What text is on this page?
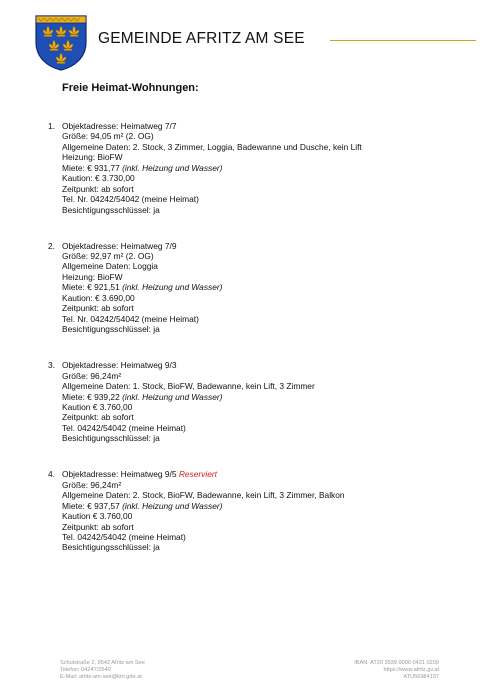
GEMEINDE AFRITZ AM SEE
Freie Heimat-Wohnungen:
1. Objektadresse: Heimatweg 7/7
Größe: 94,05 m² (2. OG)
Allgemeine Daten: 2. Stock, 3 Zimmer, Loggia, Badewanne und Dusche, kein Lift
Heizung: BioFW
Miete: € 931,77 (inkl. Heizung und Wasser)
Kaution: € 3.730,00
Zeitpunkt: ab sofort
Tel. Nr. 04242/54042 (meine Heimat)
Besichtigungsschlüssel: ja
2. Objektadresse: Heimatweg 7/9
Größe: 92,97 m² (2. OG)
Allgemeine Daten: Loggia
Heizung: BioFW
Miete: € 921,51 (inkl. Heizung und Wasser)
Kaution: € 3.690,00
Zeitpunkt: ab sofort
Tel. Nr. 04242/54042 (meine Heimat)
Besichtigungsschlüssel: ja
3. Objektadresse: Heimatweg 9/3
Größe: 96,24m²
Allgemeine Daten: 1. Stock, BioFW, Badewanne, kein Lift, 3 Zimmer
Miete: € 939,22 (inkl. Heizung und Wasser)
Kaution € 3.760,00
Zeitpunkt: ab sofort
Tel. 04242/54042 (meine Heimat)
Besichtigungsschlüssel: ja
4. Objektadresse: Heimatweg 9/5 Reserviert
Größe: 96,24m²
Allgemeine Daten: 2. Stock, BioFW, Badewanne, kein Lift, 3 Zimmer, Balkon
Miete: € 937,57 (inkl. Heizung und Wasser)
Kaution € 3.760,00
Zeitpunkt: ab sofort
Tel. 04242/54042 (meine Heimat)
Besichtigungsschlüssel: ja
Schulstraße 2, 9542 Afritz am See
Telefon: 04247/2540
E-Mail: afritz-am-see@ktn.gde.at
IBAN: AT20 3939 0000 0421 0209
https://www.afritz.gv.at
ATU56984137
